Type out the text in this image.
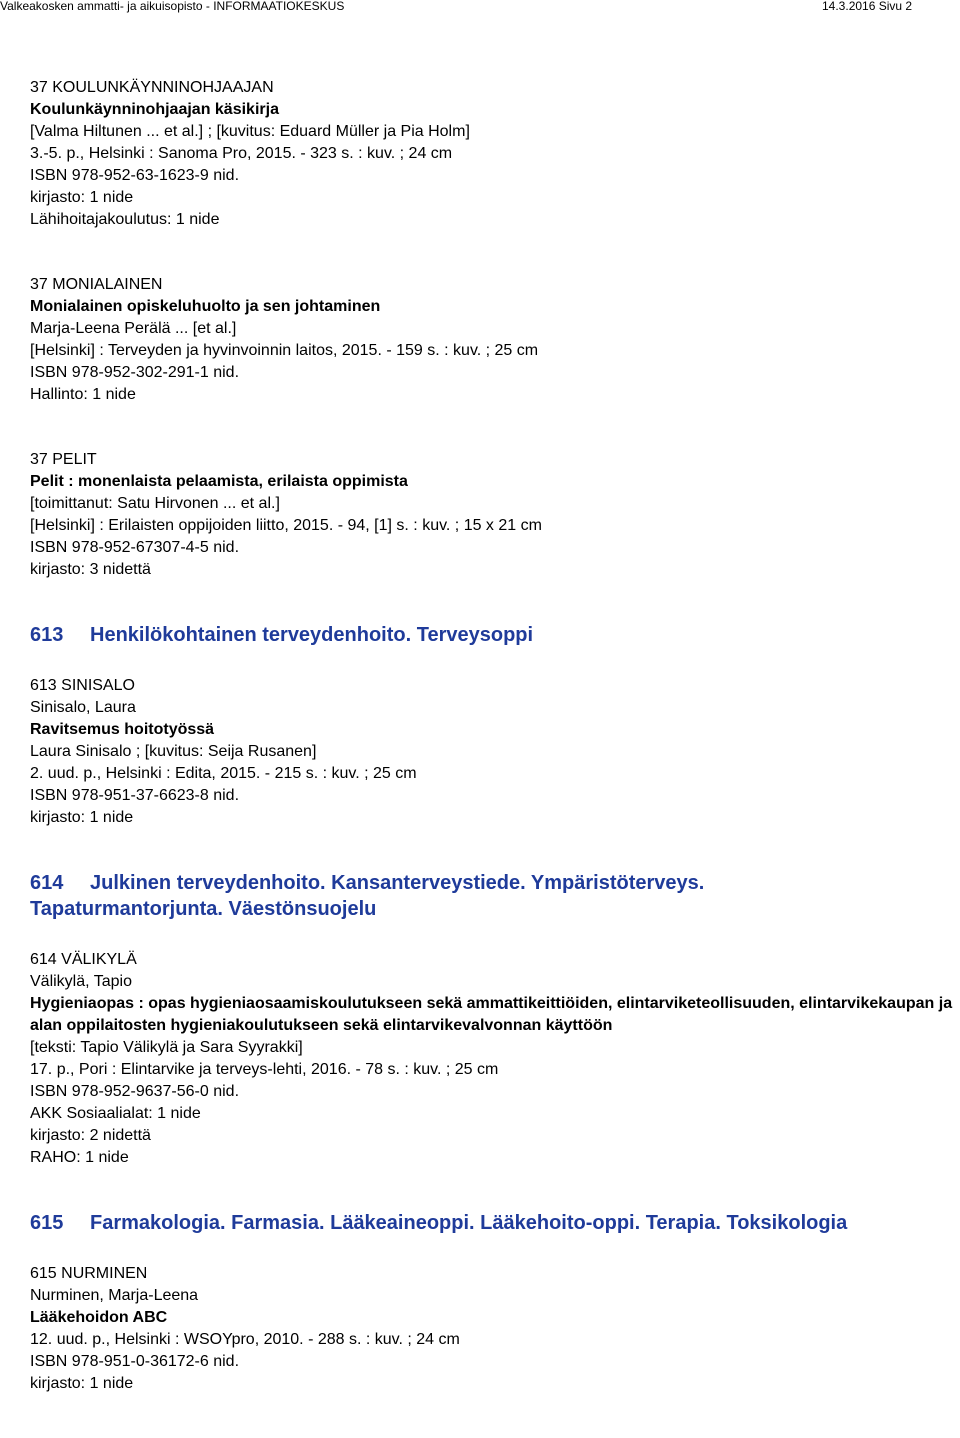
Valkeakosken ammatti- ja aikuisopisto - INFORMAATIOKESKUS	14.3.2016 Sivu 2
37 KOULUNKÄYNNINOHJAAJAN
Koulunkäynninohjaajan käsikirja
[Valma Hiltunen ... et al.] ; [kuvitus: Eduard Müller ja Pia Holm]
3.-5. p., Helsinki : Sanoma Pro, 2015. - 323 s. : kuv. ; 24 cm
ISBN 978-952-63-1623-9 nid.
kirjasto: 1 nide
Lähihoitajakoulutus: 1 nide
37 MONIALAINEN
Monialainen opiskeluhuolto ja sen johtaminen
Marja-Leena Perälä ... [et al.]
[Helsinki] : Terveyden ja hyvinvoinnin laitos, 2015. - 159 s. : kuv. ; 25 cm
ISBN 978-952-302-291-1 nid.
Hallinto: 1 nide
37 PELIT
Pelit : monenlaista pelaamista, erilaista oppimista
[toimittanut: Satu Hirvonen ... et al.]
[Helsinki] : Erilaisten oppijoiden liitto, 2015. - 94, [1] s. : kuv. ; 15 x 21 cm
ISBN 978-952-67307-4-5 nid.
kirjasto: 3 nidettä
613 Henkilökohtainen terveydenhoito. Terveysoppi
613 SINISALO
Sinisalo, Laura
Ravitsemus hoitotyössä
Laura Sinisalo ; [kuvitus: Seija Rusanen]
2. uud. p., Helsinki : Edita, 2015. - 215 s. : kuv. ; 25 cm
ISBN 978-951-37-6623-8 nid.
kirjasto: 1 nide
614 Julkinen terveydenhoito. Kansanterveystiede. Ympäristöterveys.
Tapaturmantorjunta. Väestönsuojelu
614 VÄLIKYLÄ
Välikylä, Tapio
Hygieniaopas : opas hygieniaosaamiskoulutukseen sekä ammattikeittiöiden, elintarviketeollisuuden, elintarvikekaupan ja alan oppilaitosten hygieniakoulutukseen sekä elintarvikevalvonnan käyttöön
[teksti: Tapio Välikylä ja Sara Syyrakki]
17. p., Pori : Elintarvike ja terveys-lehti, 2016. - 78 s. : kuv. ; 25 cm
ISBN 978-952-9637-56-0 nid.
AKK Sosiaalialat: 1 nide
kirjasto: 2 nidettä
RAHO: 1 nide
615 Farmakologia. Farmasia. Lääkeaineoppi. Lääkehoito-oppi. Terapia. Toksikologia
615 NURMINEN
Nurminen, Marja-Leena
Lääkehoidon ABC
12. uud. p., Helsinki : WSOYpro, 2010. - 288 s. : kuv. ; 24 cm
ISBN 978-951-0-36172-6 nid.
kirjasto: 1 nide
